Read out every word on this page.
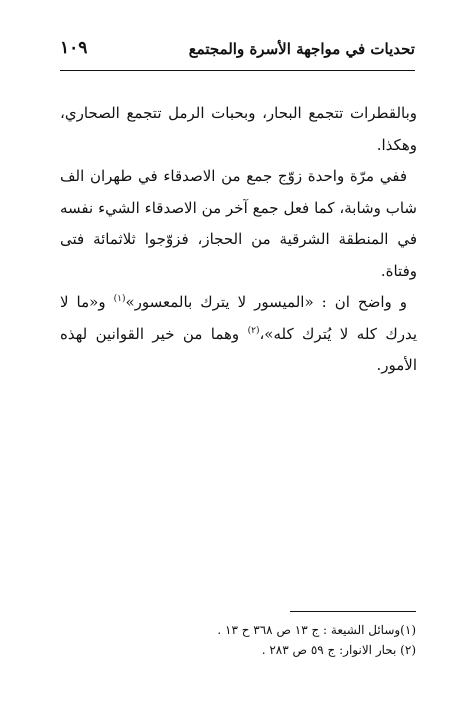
تحديات في مواجهة الأسرة والمجتمع
١٠٩

وبالقطرات تتجمع البحار، وبحبات الرمل تتجمع الصحاري، وهكذا.

ففي مرّة واحدة زوّج جمع من الاصدقاء في طهران الف شاب وشابة، كما فعل جمع آخر من الاصدقاء الشيء نفسه في المنطقة الشرقية من الحجاز، فزوّجوا ثلاثمائة فتى وفتاة.

و واضح ان : «الميسور لا يترك بالمعسور»$^{(١)}$ و«ما لا يدرك كله لا يُترك كله»،$^{(٢)}$ وهما من خير القوانين لهذه الأمور.

(١)وسائل الشيعة : ج ١٣ ص ٣٦٨ ح ١٣ .
(٢) بحار الانوار: ج ٥٩ ص ٢٨٣ .
